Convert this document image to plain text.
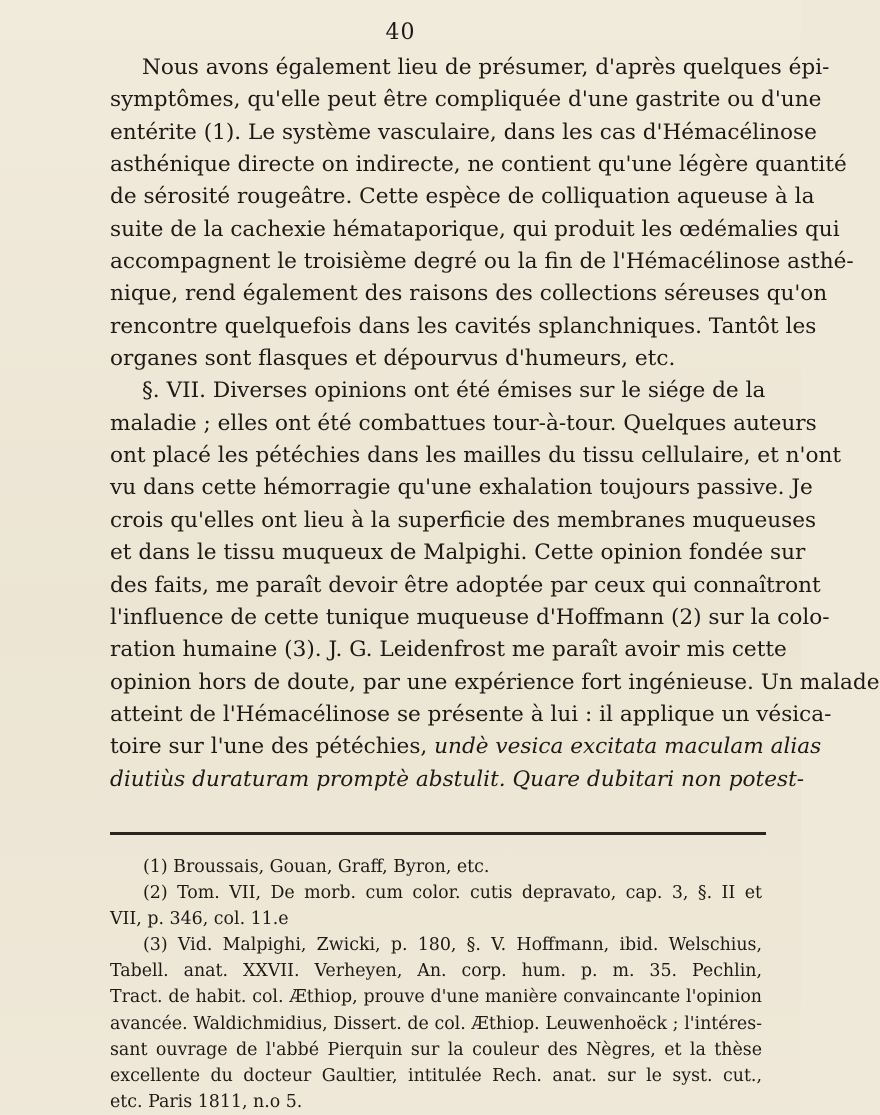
40
Nous avons également lieu de présumer, d'après quelques épi-
symptômes, qu'elle peut être compliquée d'une gastrite ou d'une
entérite (1). Le système vasculaire, dans les cas d'Hémacélinose
asthénique directe on indirecte, ne contient qu'une légère quantité
de sérosité rougeâtre. Cette espèce de colliquation aqueuse à la
suite de la cachexie hémataporique, qui produit les œdémalies qui
accompagnent le troisième degré ou la fin de l'Hémacélinose asthé-
nique, rend également des raisons des collections séreuses qu'on
rencontre quelquefois dans les cavités splanchniques. Tantôt les
organes sont flasques et dépourvus d'humeurs, etc.
§. VII. Diverses opinions ont été émises sur le siége de la
maladie ; elles ont été combattues tour-à-tour. Quelques auteurs
ont placé les pétéchies dans les mailles du tissu cellulaire, et n'ont
vu dans cette hémorragie qu'une exhalation toujours passive. Je
crois qu'elles ont lieu à la superficie des membranes muqueuses
et dans le tissu muqueux de Malpighi. Cette opinion fondée sur
des faits, me paraît devoir être adoptée par ceux qui connaîtront
l'influence de cette tunique muqueuse d'Hoffmann (2) sur la colo-
ration humaine (3). J. G. Leidenfrost me paraît avoir mis cette
opinion hors de doute, par une expérience fort ingénieuse. Un malade
atteint de l'Hémacélinose se présente à lui : il applique un vésica-
toire sur l'une des pétéchies, undè vesica excitata maculam alias
diutiùs duraturam promptè abstulit. Quare dubitari non potest-
(1) Broussais, Gouan, Graff, Byron, etc.
(2) Tom. VII, De morb. cum color. cutis depravato, cap. 3, §. II et
VII, p. 346, col. 11.e
(3) Vid. Malpighi, Zwicki, p. 180, §. V. Hoffmann, ibid. Welschius,
Tabell. anat. XXVII. Verheyen, An. corp. hum. p. m. 35. Pechlin,
Tract. de habit. col. Æthiop, prouve d'une manière convaincante l'opinion
avancée. Waldichmidius, Dissert. de col. Æthiop. Leuwenhoëck ; l'intéres-
sant ouvrage de l'abbé Pierquin sur la couleur des Nègres, et la thèse
excellente du docteur Gaultier, intitulée Rech. anat. sur le syst. cut.,
etc. Paris 1811, n.o 5.
